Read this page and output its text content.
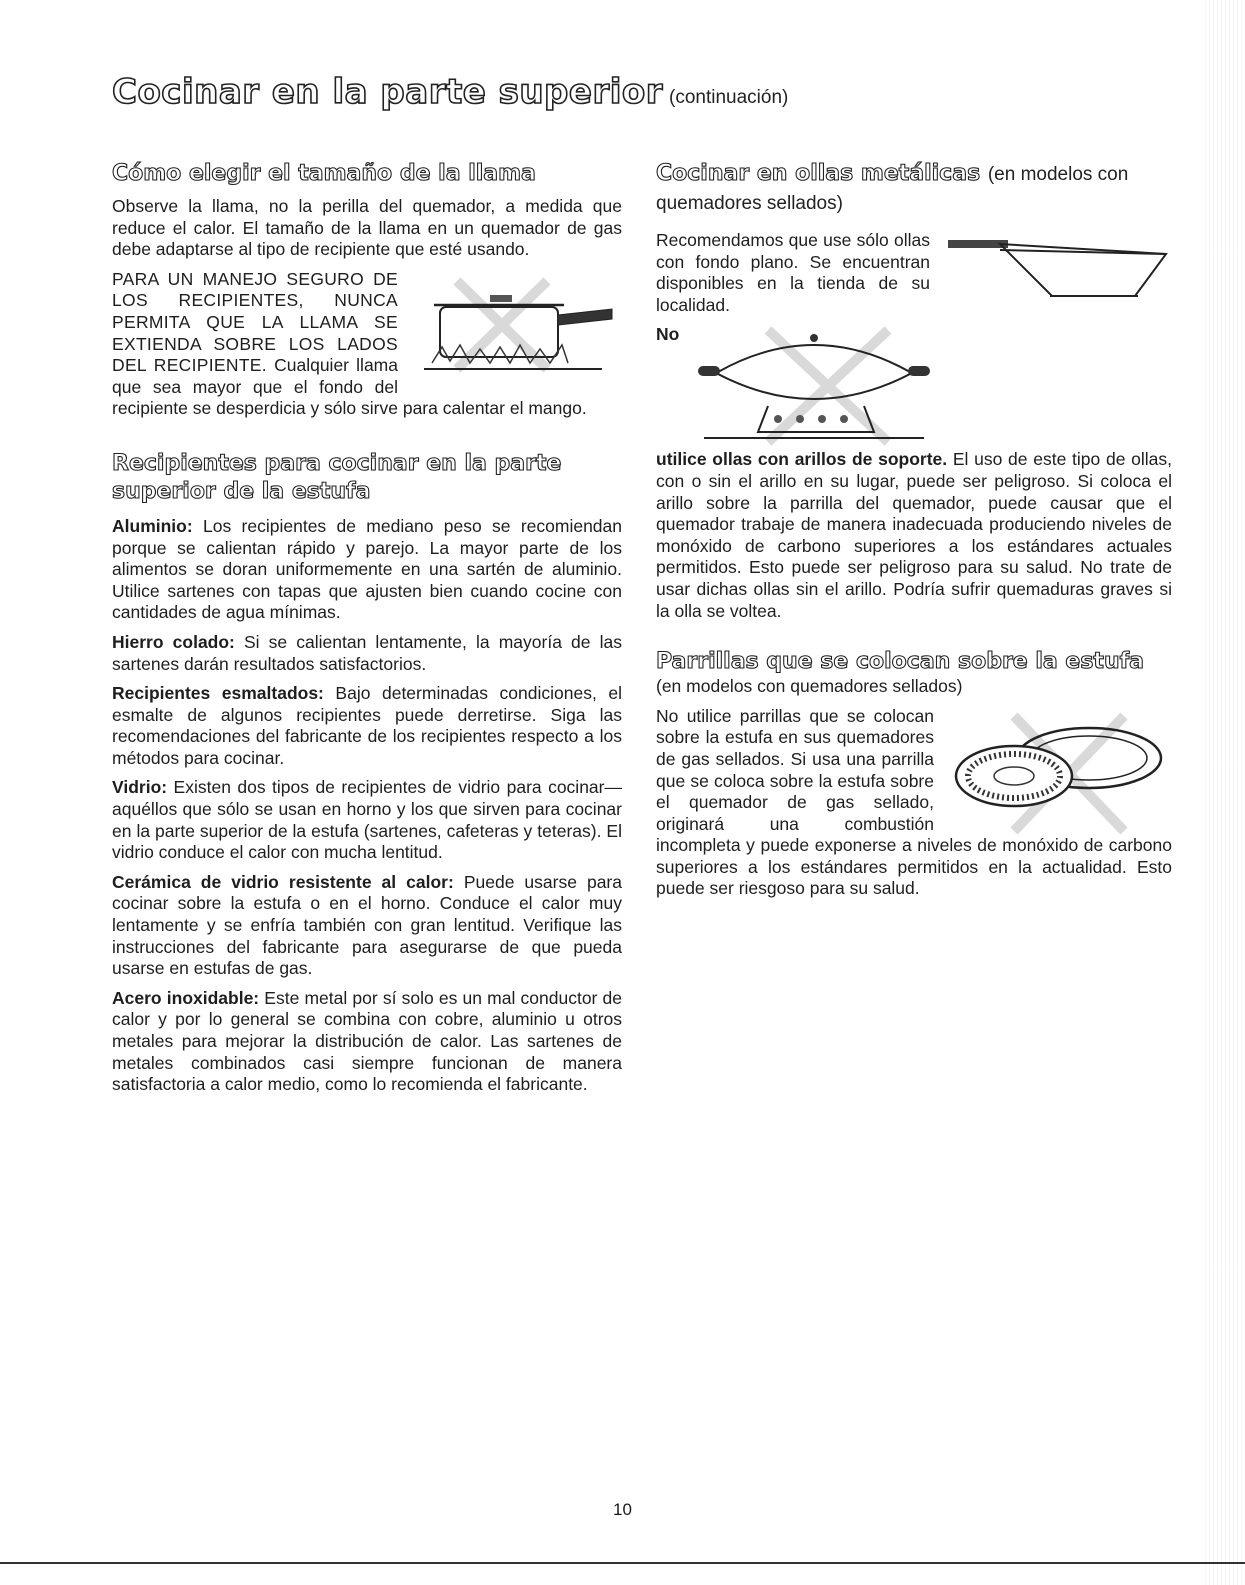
Cocinar en la parte superior (continuación)
Cómo elegir el tamaño de la llama

Observe la llama, no la perilla del quemador, a medida que reduce el calor. El tamaño de la llama en un quemador de gas debe adaptarse al tipo de recipiente que esté usando.

PARA UN MANEJO SEGURO DE LOS RECIPIENTES, NUNCA PERMITA QUE LA LLAMA SE EXTIENDA SOBRE LOS LADOS DEL RECIPIENTE. Cualquier llama que sea mayor que el fondo del recipiente se desperdicia y sólo sirve para calentar el mango.

Recipientes para cocinar en la parte superior de la estufa

Aluminio: Los recipientes de mediano peso se recomiendan porque se calientan rápido y parejo. La mayor parte de los alimentos se doran uniformemente en una sartén de aluminio. Utilice sartenes con tapas que ajusten bien cuando cocine con cantidades de agua mínimas.

Hierro colado: Si se calientan lentamente, la mayoría de las sartenes darán resultados satisfactorios.

Recipientes esmaltados: Bajo determinadas condiciones, el esmalte de algunos recipientes puede derretirse. Siga las recomendaciones del fabricante de los recipientes respecto a los métodos para cocinar.

Vidrio: Existen dos tipos de recipientes de vidrio para cocinar—aquéllos que sólo se usan en horno y los que sirven para cocinar en la parte superior de la estufa (sartenes, cafeteras y teteras). El vidrio conduce el calor con mucha lentitud.

Cerámica de vidrio resistente al calor: Puede usarse para cocinar sobre la estufa o en el horno. Conduce el calor muy lentamente y se enfría también con gran lentitud. Verifique las instrucciones del fabricante para asegurarse de que pueda usarse en estufas de gas.

Acero inoxidable: Este metal por sí solo es un mal conductor de calor y por lo general se combina con cobre, aluminio u otros metales para mejorar la distribución de calor. Las sartenes de metales combinados casi siempre funcionan de manera satisfactoria a calor medio, como lo recomienda el fabricante.

Cocinar en ollas metálicas (en modelos con quemadores sellados)

Recomendamos que use sólo ollas con fondo plano. Se encuentran disponibles en la tienda de su localidad.

No utilice ollas con arillos de soporte. El uso de este tipo de ollas, con o sin el arillo en su lugar, puede ser peligroso. Si coloca el arillo sobre la parrilla del quemador, puede causar que el quemador trabaje de manera inadecuada produciendo niveles de monóxido de carbono superiores a los estándares actuales permitidos. Esto puede ser peligroso para su salud. No trate de usar dichas ollas sin el arillo. Podría sufrir quemaduras graves si la olla se voltea.

Parrillas que se colocan sobre la estufa

(en modelos con quemadores sellados)

No utilice parrillas que se colocan sobre la estufa en sus quemadores de gas sellados. Si usa una parrilla que se coloca sobre la estufa sobre el quemador de gas sellado, originará una combustión incompleta y puede exponerse a niveles de monóxido de carbono superiores a los estándares permitidos en la actualidad. Esto puede ser riesgoso para su salud.

10
